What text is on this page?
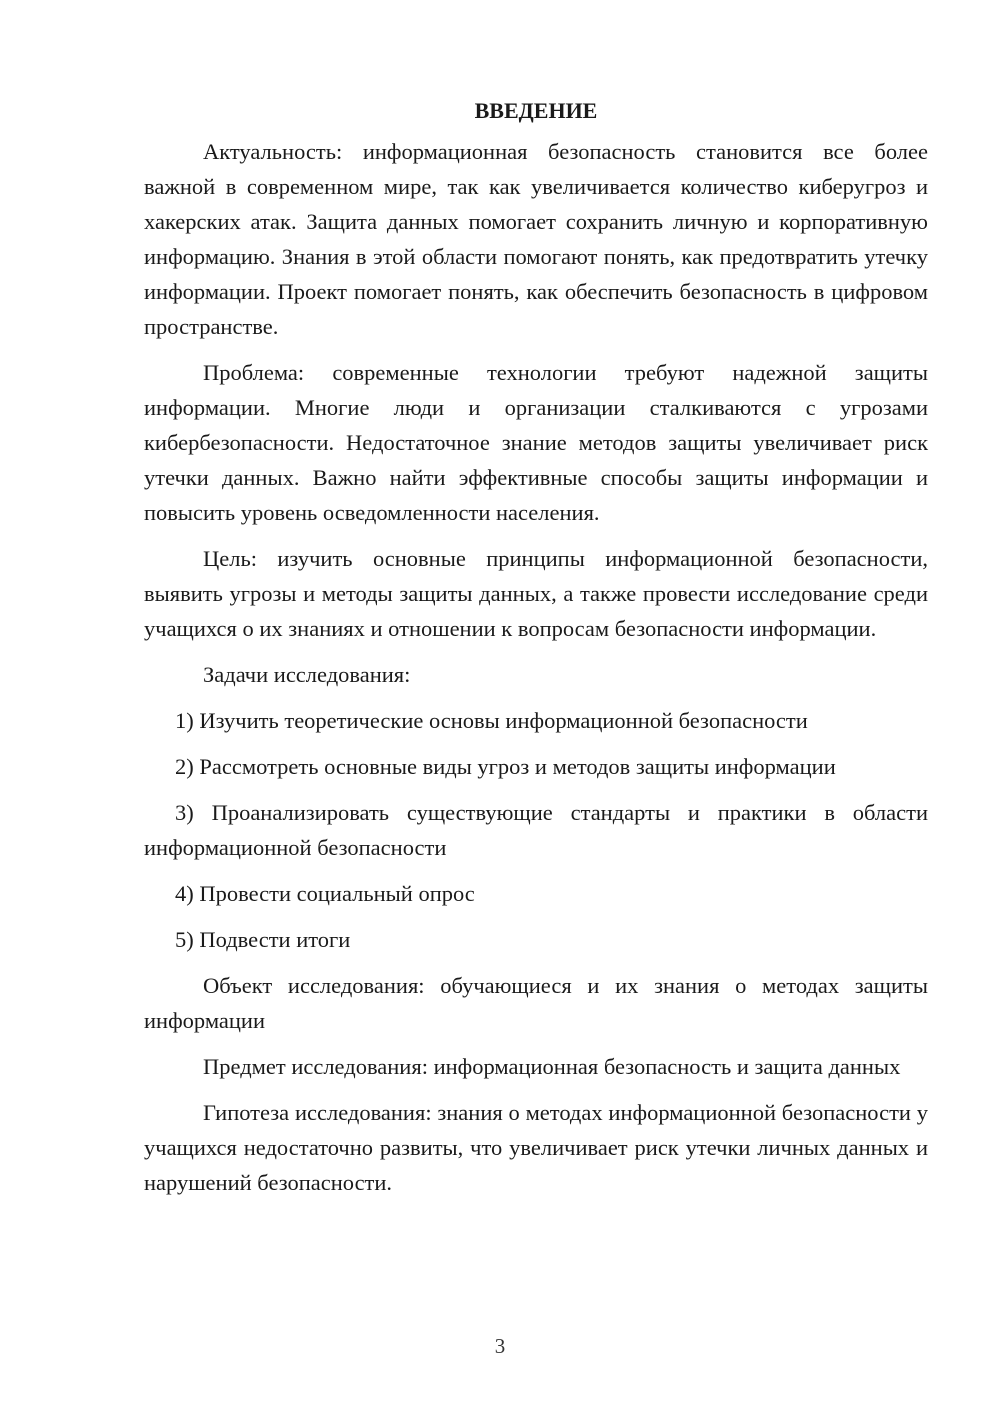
ВВЕДЕНИЕ

Актуальность: информационная безопасность становится все более важной в современном мире, так как увеличивается количество киберугроз и хакерских атак. Защита данных помогает сохранить личную и корпоративную информацию. Знания в этой области помогают понять, как предотвратить утечку информации. Проект помогает понять, как обеспечить безопасность в цифровом пространстве.

Проблема: современные технологии требуют надежной защиты информации. Многие люди и организации сталкиваются с угрозами кибербезопасности. Недостаточное знание методов защиты увеличивает риск утечки данных. Важно найти эффективные способы защиты информации и повысить уровень осведомленности населения.

Цель: изучить основные принципы информационной безопасности, выявить угрозы и методы защиты данных, а также провести исследование среди учащихся о их знаниях и отношении к вопросам безопасности информации.

Задачи исследования:

1) Изучить теоретические основы информационной безопасности

2) Рассмотреть основные виды угроз и методов защиты информации

3) Проанализировать существующие стандарты и практики в области информационной безопасности

4) Провести социальный опрос

5) Подвести итоги

Объект исследования: обучающиеся и их знания о методах защиты информации

Предмет исследования: информационная безопасность и защита данных

Гипотеза исследования: знания о методах информационной безопасности у учащихся недостаточно развиты, что увеличивает риск утечки личных данных и нарушений безопасности.

3
